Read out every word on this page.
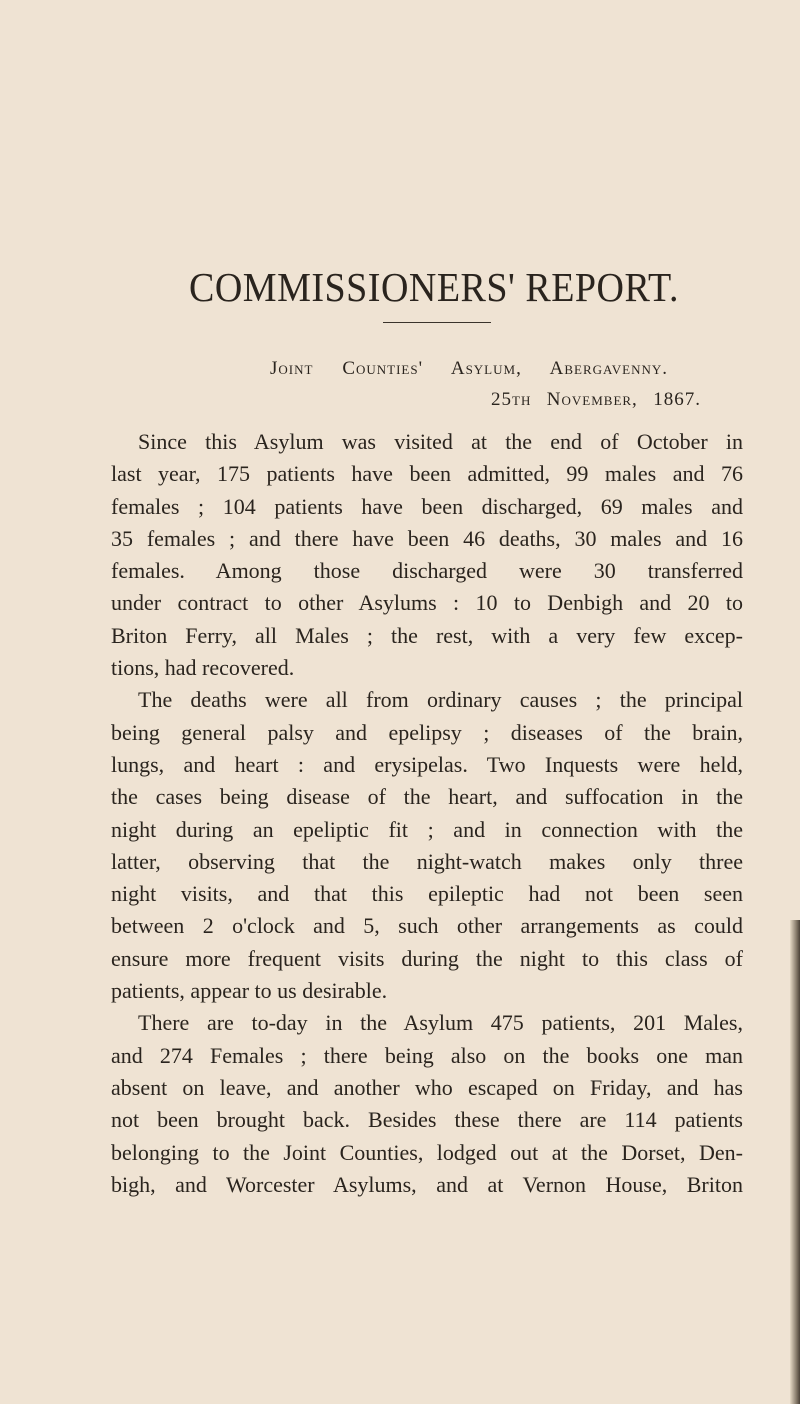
COMMISSIONERS' REPORT.
Joint Counties' Asylum, Abergavenny.
25th November, 1867.
Since this Asylum was visited at the end of October in
last year, 175 patients have been admitted, 99 males and 76
females ; 104 patients have been discharged, 69 males and
35 females ; and there have been 46 deaths, 30 males and 16
females. Among those discharged were 30 transferred
under contract to other Asylums : 10 to Denbigh and 20 to
Briton Ferry, all Males ; the rest, with a very few excep-
tions, had recovered.
The deaths were all from ordinary causes ; the principal
being general palsy and epelipsy ; diseases of the brain,
lungs, and heart : and erysipelas. Two Inquests were held,
the cases being disease of the heart, and suffocation in the
night during an epeliptic fit ; and in connection with the
latter, observing that the night-watch makes only three
night visits, and that this epileptic had not been seen
between 2 o'clock and 5, such other arrangements as could
ensure more frequent visits during the night to this class of
patients, appear to us desirable.
There are to-day in the Asylum 475 patients, 201 Males,
and 274 Females ; there being also on the books one man
absent on leave, and another who escaped on Friday, and has
not been brought back. Besides these there are 114 patients
belonging to the Joint Counties, lodged out at the Dorset, Den-
bigh, and Worcester Asylums, and at Vernon House, Briton
